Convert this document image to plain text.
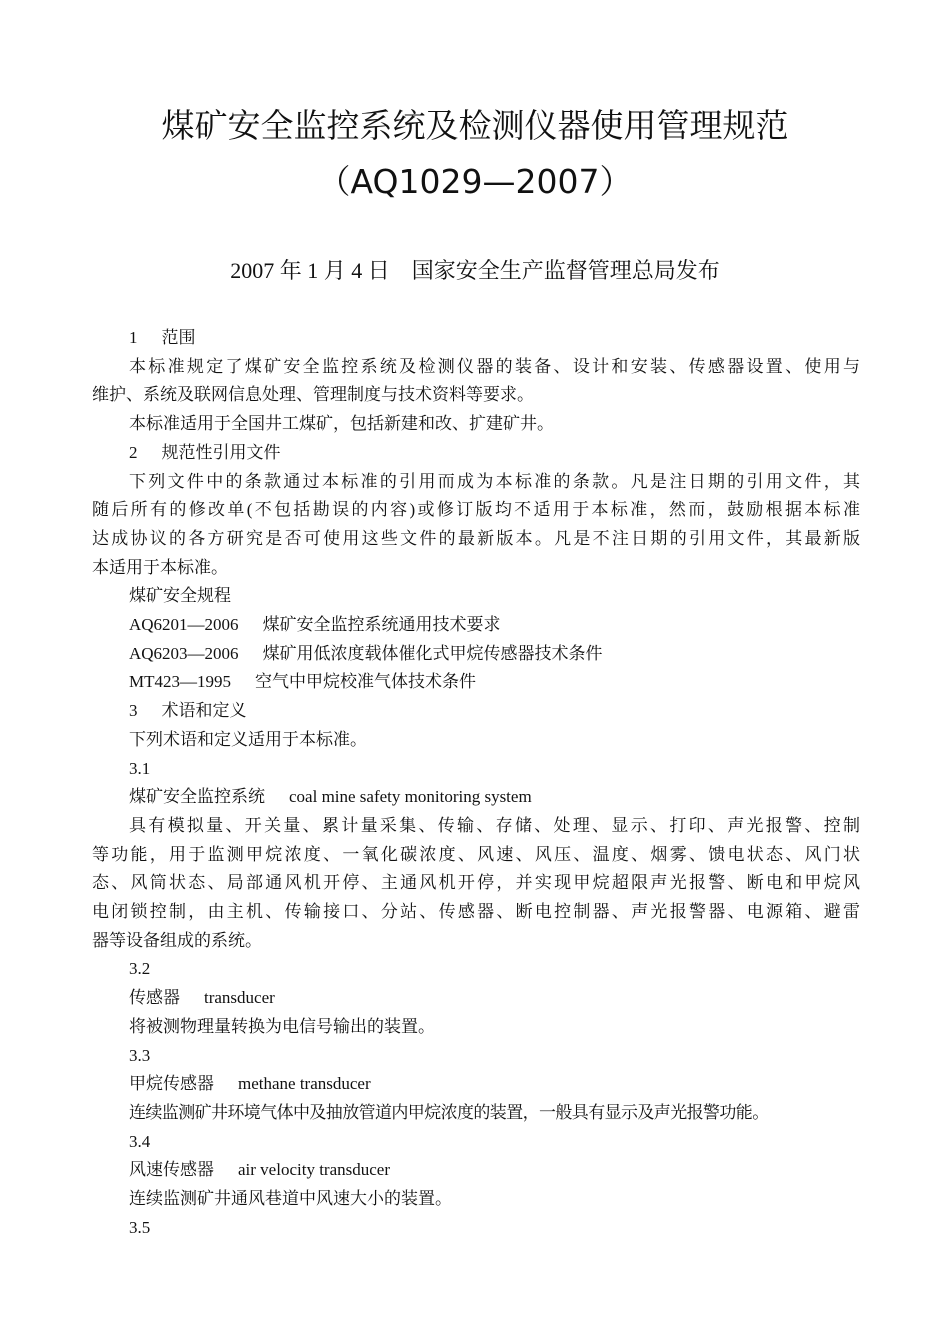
煤矿安全监控系统及检测仪器使用管理规范
（AQ1029—2007）
2007 年 1 月 4 日 国家安全生产监督管理总局发布
1 范围
本标准规定了煤矿安全监控系统及检测仪器的装备、设计和安装、传感器设置、使用与
维护、系统及联网信息处理、管理制度与技术资料等要求。
本标准适用于全国井工煤矿，包括新建和改、扩建矿井。
2 规范性引用文件
下列文件中的条款通过本标准的引用而成为本标准的条款。凡是注日期的引用文件，其
随后所有的修改单(不包括勘误的内容)或修订版均不适用于本标准，然而，鼓励根据本标准
达成协议的各方研究是否可使用这些文件的最新版本。凡是不注日期的引用文件，其最新版
本适用于本标准。
煤矿安全规程
AQ6201—2006 煤矿安全监控系统通用技术要求
AQ6203—2006 煤矿用低浓度载体催化式甲烷传感器技术条件
MT423—1995 空气中甲烷校准气体技术条件
3 术语和定义
下列术语和定义适用于本标准。
3.1
煤矿安全监控系统 coal mine safety monitoring system
具有模拟量、开关量、累计量采集、传输、存储、处理、显示、打印、声光报警、控制
等功能，用于监测甲烷浓度、一氧化碳浓度、风速、风压、温度、烟雾、馈电状态、风门状
态、风筒状态、局部通风机开停、主通风机开停，并实现甲烷超限声光报警、断电和甲烷风
电闭锁控制，由主机、传输接口、分站、传感器、断电控制器、声光报警器、电源箱、避雷
器等设备组成的系统。
3.2
传感器 transducer
将被测物理量转换为电信号输出的装置。
3.3
甲烷传感器 methane transducer
连续监测矿井环境气体中及抽放管道内甲烷浓度的装置，一般具有显示及声光报警功能。
3.4
风速传感器 air velocity transducer
连续监测矿井通风巷道中风速大小的装置。
3.5
